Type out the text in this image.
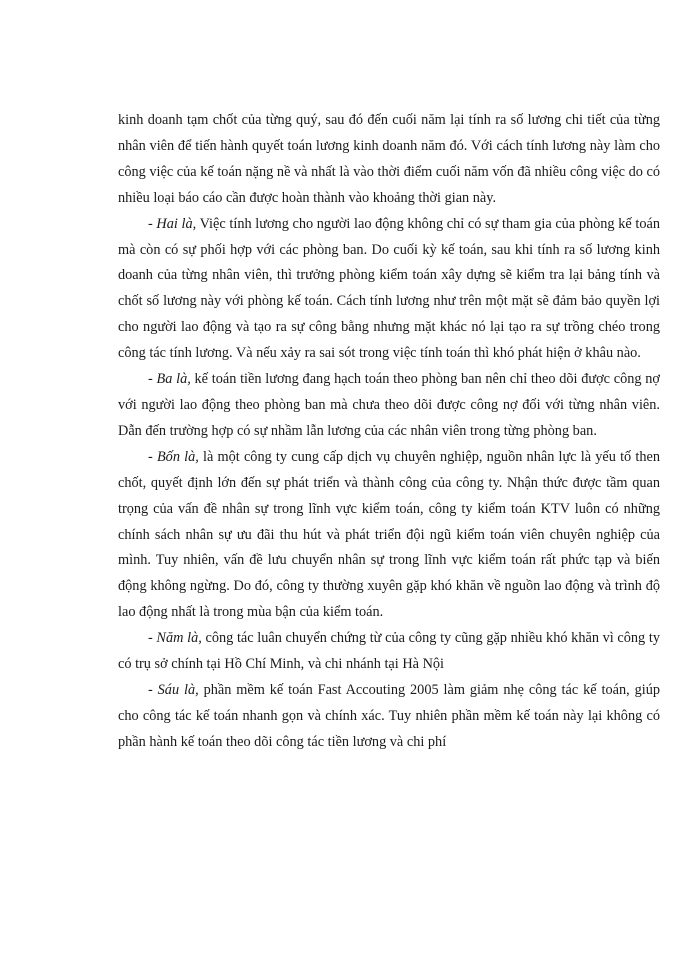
kinh doanh tạm chốt của từng quý, sau đó đến cuối năm lại tính ra số lương chi tiết của từng nhân viên để tiến hành quyết toán lương kinh doanh năm đó. Với cách tính lương này làm cho công việc của kế toán nặng nề và nhất là vào thời điểm cuối năm vốn đã nhiều công việc do có nhiều loại báo cáo cần được hoàn thành vào khoảng thời gian này.

- Hai là, Việc tính lương cho người lao động không chỉ có sự tham gia của phòng kế toán mà còn có sự phối hợp với các phòng ban. Do cuối kỳ kế toán, sau khi tính ra số lương kinh doanh của từng nhân viên, thì trưởng phòng kiểm toán xây dựng sẽ kiểm tra lại bảng tính và chốt số lương này với phòng kế toán. Cách tính lương như trên một mặt sẽ đảm bảo quyền lợi cho người lao động và tạo ra sự công bằng nhưng mặt khác nó lại tạo ra sự trồng chéo trong công tác tính lương. Và nếu xảy ra sai sót trong việc tính toán thì khó phát hiện ở khâu nào.

- Ba là, kế toán tiền lương đang hạch toán theo phòng ban nên chỉ theo dõi được công nợ với người lao động theo phòng ban mà chưa theo dõi được công nợ đối với từng nhân viên. Dẫn đến trường hợp có sự nhầm lẫn lương của các nhân viên trong từng phòng ban.

- Bốn là, là một công ty cung cấp dịch vụ chuyên nghiệp, nguồn nhân lực là yếu tố then chốt, quyết định lớn đến sự phát triển và thành công của công ty. Nhận thức được tầm quan trọng của vấn đề nhân sự trong lĩnh vực kiểm toán, công ty kiểm toán KTV luôn có những chính sách nhân sự ưu đãi thu hút và phát triển đội ngũ kiểm toán viên chuyên nghiệp của mình. Tuy nhiên, vấn đề lưu chuyển nhân sự trong lĩnh vực kiểm toán rất phức tạp và biến động không ngừng. Do đó, công ty thường xuyên gặp khó khăn về nguồn lao động và trình độ lao động nhất là trong mùa bận của kiểm toán.

- Năm là, công tác luân chuyển chứng từ của công ty cũng gặp nhiều khó khăn vì công ty có trụ sở chính tại Hồ Chí Minh, và chi nhánh tại Hà Nội

- Sáu là, phần mềm kế toán Fast Accouting 2005 làm giảm nhẹ công tác kế toán, giúp cho công tác kế toán nhanh gọn và chính xác. Tuy nhiên phần mềm kế toán này lại không có phần hành kế toán theo dõi công tác tiền lương và chi phí
